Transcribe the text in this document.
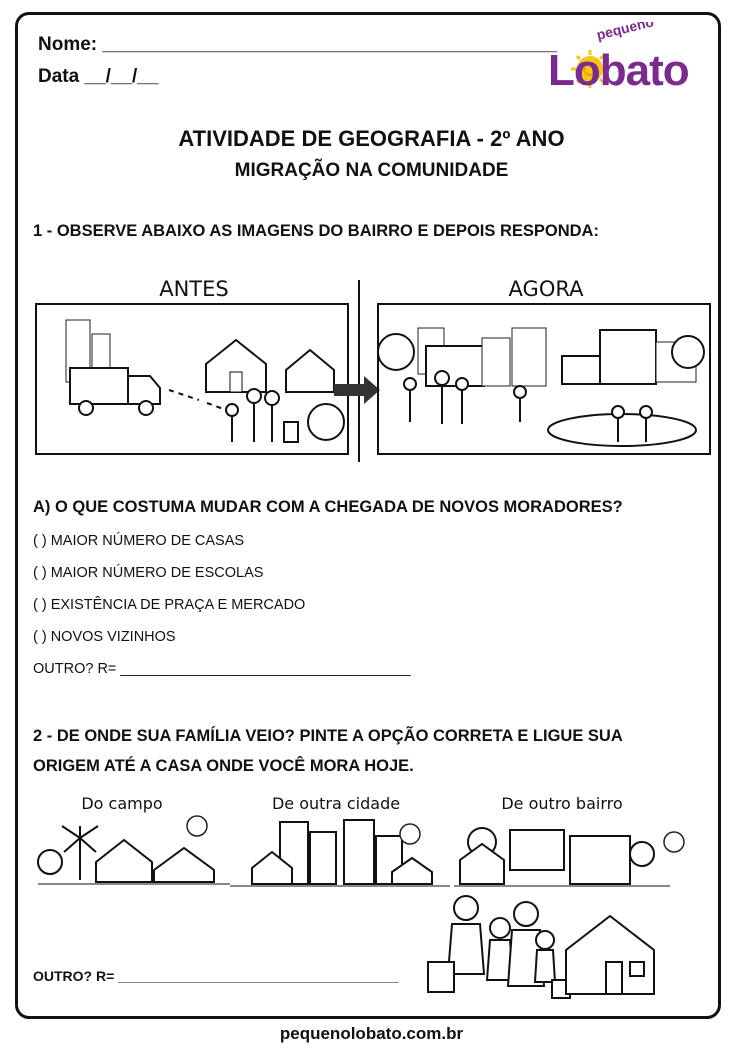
Nome: ___________________________________________
Data __/__/__
pequeno
Lobato
ATIVIDADE DE GEOGRAFIA - 2º ANO
MIGRAÇÃO NA COMUNIDADE
1 - OBSERVE ABAIXO AS IMAGENS DO BAIRRO E DEPOIS RESPONDA:
ANTES	AGORA
A) O QUE COSTUMA MUDAR COM A CHEGADA DE NOVOS MORADORES?
( ) MAIOR NÚMERO DE CASAS
( ) MAIOR NÚMERO DE ESCOLAS
( ) EXISTÊNCIA DE PRAÇA E MERCADO
( ) NOVOS VIZINHOS
OUTRO? R= ____________________________________
2 - DE ONDE SUA FAMÍLIA VEIO? PINTE A OPÇÃO CORRETA E LIGUE SUA
ORIGEM ATÉ A CASA ONDE VOCÊ MORA HOJE.
Do campo	De outra cidade	De outro bairro
OUTRO? R= ____________________________________
pequenolobato.com.br
